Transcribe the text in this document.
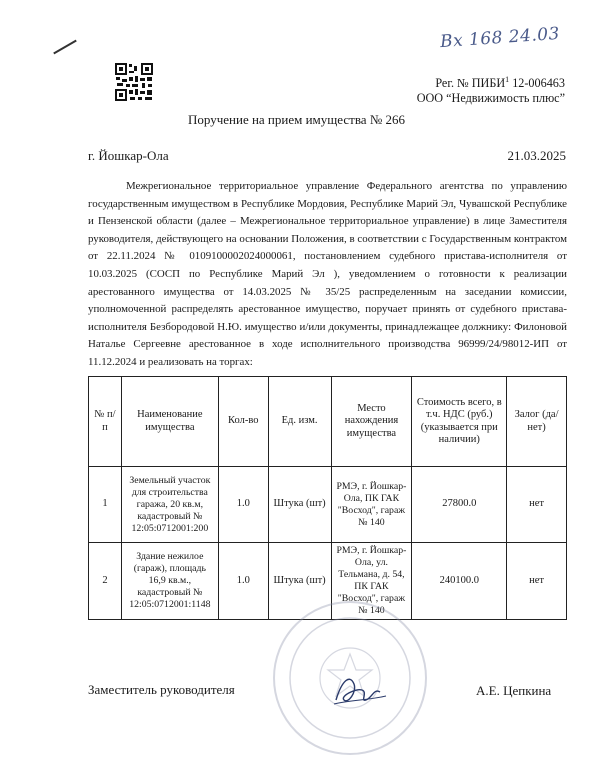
Вх 168 24.03
Рег. № ПИБИ$^1$ 12-006463
ООО “Недвижимость плюс”
Поручение на прием имущества № 266
г. Йошкар-Ола	21.03.2025
Межрегиональное территориальное управление Федерального агентства по управлению государственным имуществом в Республике Мордовия, Республике Марий Эл, Чувашской Республике и Пензенской области (далее – Межрегиональное территориальное управление) в лице Заместителя руководителя, действующего на основании Положения, в соответствии с Государственным контрактом от 22.11.2024 № 0109100002024000061, постановлением судебного пристава-исполнителя от 10.03.2025 (СОСП по Республике Марий Эл ), уведомлением о готовности к реализации арестованного имущества от 14.03.2025 № 35/25 распределенным на заседании комиссии, уполномоченной распределять арестованное имущество, поручает принять от судебного пристава-исполнителя Безбородовой Н.Ю. имущество и/или документы, принадлежащее должнику: Филоновой Натальe Сергеевне арестованное в ходе исполнительного производства 96999/24/98012-ИП от 11.12.2024 и реализовать на торгах:
№ п/п	Наименование имущества	Кол-во	Ед. изм.	Место нахождения имущества	Стоимость всего, в т.ч. НДС (руб.) (указывается при наличии)	Залог (да/нет)
1	Земельный участок для строительства гаража, 20 кв.м, кадастровый № 12:05:0712001:200	1.0	Штука (шт)	РМЭ, г. Йошкар-Ола, ПК ГАК "Восход", гараж № 140	27800.0	нет
2	Здание нежилое (гараж), площадь 16,9 кв.м., кадастровый № 12:05:0712001:1148	1.0	Штука (шт)	РМЭ, г. Йошкар-Ола, ул. Тельмана, д. 54, ПК ГАК "Восход", гараж № 140	240100.0	нет
Заместитель руководителя	А.Е. Цепкина
